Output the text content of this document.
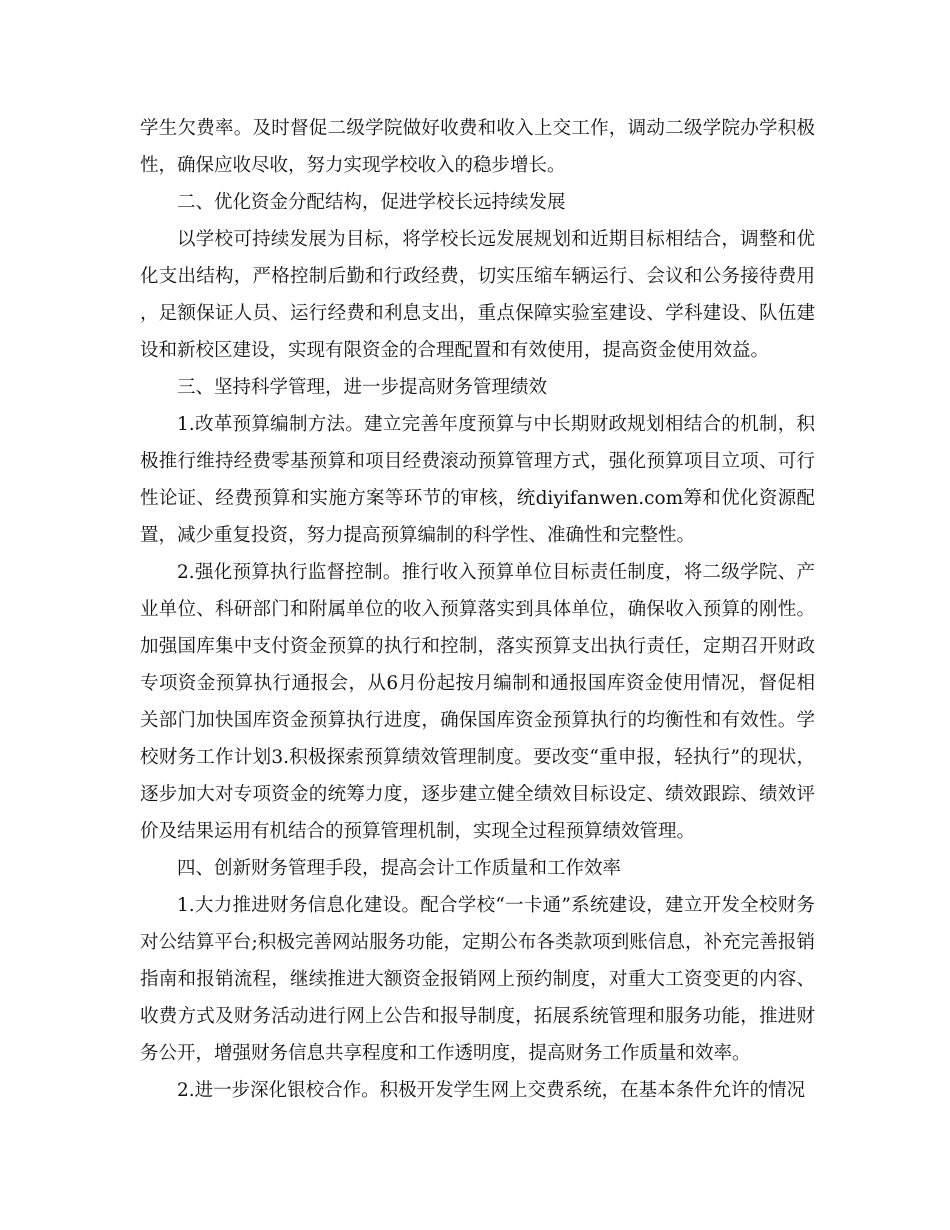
学生欠费率。及时督促二级学院做好收费和收入上交工作，调动二级学院办学积极性，确保应收尽收，努力实现学校收入的稳步增长。

二、优化资金分配结构，促进学校长远持续发展

以学校可持续发展为目标，将学校长远发展规划和近期目标相结合，调整和优化支出结构，严格控制后勤和行政经费，切实压缩车辆运行、会议和公务接待费用，足额保证人员、运行经费和利息支出，重点保障实验室建设、学科建设、队伍建设和新校区建设，实现有限资金的合理配置和有效使用，提高资金使用效益。

三、坚持科学管理，进一步提高财务管理绩效

1.改革预算编制方法。建立完善年度预算与中长期财政规划相结合的机制，积极推行维持经费零基预算和项目经费滚动预算管理方式，强化预算项目立项、可行性论证、经费预算和实施方案等环节的审核，统diyifanwen.com筹和优化资源配置，减少重复投资，努力提高预算编制的科学性、准确性和完整性。

2.强化预算执行监督控制。推行收入预算单位目标责任制度，将二级学院、产业单位、科研部门和附属单位的收入预算落实到具体单位，确保收入预算的刚性。加强国库集中支付资金预算的执行和控制，落实预算支出执行责任，定期召开财政专项资金预算执行通报会，从6月份起按月编制和通报国库资金使用情况，督促相关部门加快国库资金预算执行进度，确保国库资金预算执行的均衡性和有效性。学校财务工作计划3.积极探索预算绩效管理制度。要改变“重申报，轻执行”的现状，逐步加大对专项资金的统筹力度，逐步建立健全绩效目标设定、绩效跟踪、绩效评价及结果运用有机结合的预算管理机制，实现全过程预算绩效管理。

四、创新财务管理手段，提高会计工作质量和工作效率

1.大力推进财务信息化建设。配合学校“一卡通”系统建设，建立开发全校财务对公结算平台;积极完善网站服务功能，定期公布各类款项到账信息，补充完善报销指南和报销流程，继续推进大额资金报销网上预约制度，对重大工资变更的内容、收费方式及财务活动进行网上公告和报导制度，拓展系统管理和服务功能，推进财务公开，增强财务信息共享程度和工作透明度，提高财务工作质量和效率。

2.进一步深化银校合作。积极开发学生网上交费系统，在基本条件允许的情况
